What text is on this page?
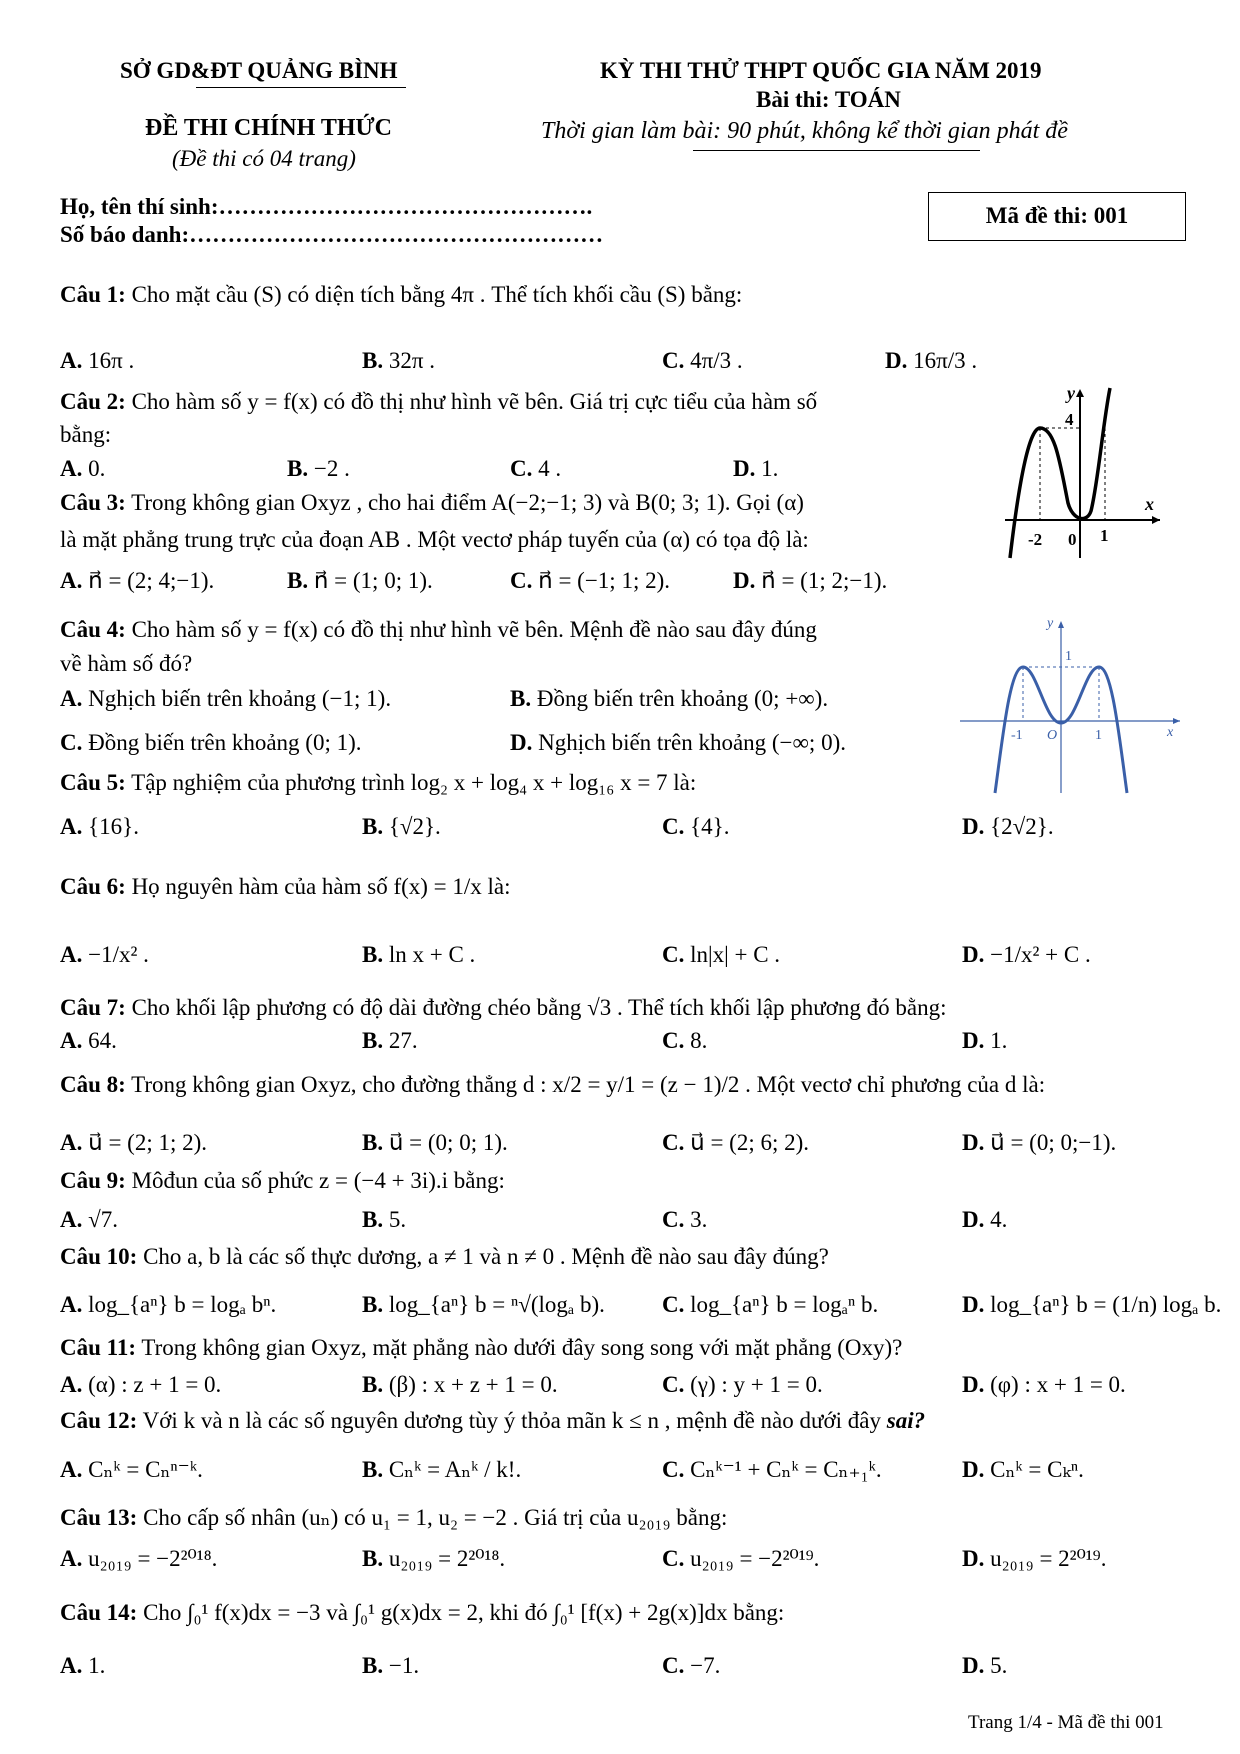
SỞ GD&ĐT QUẢNG BÌNH
ĐỀ THI CHÍNH THỨC
(Đề thi có 04 trang)
KỲ THI THỬ THPT QUỐC GIA NĂM 2019
Bài thi: TOÁN
Thời gian làm bài: 90 phút, không kể thời gian phát đề
Họ, tên thí sinh:………………………………………….
Số báo danh:………………………………………………
Mã đề thi: 001
Câu 1: Cho mặt cầu (S) có diện tích bằng 4π . Thể tích khối cầu (S) bằng:
A. 16π .	B. 32π .	C. 4π/3 .	D. 16π/3 .
Câu 2: Cho hàm số y = f(x) có đồ thị như hình vẽ bên. Giá trị cực tiểu của hàm số
bằng:
A. 0.	B. −2 .	C. 4 .	D. 1.
Câu 3: Trong không gian Oxyz , cho hai điểm A(−2;−1; 3) và B(0; 3; 1). Gọi (α)
là mặt phẳng trung trực của đoạn AB . Một vectơ pháp tuyến của (α) có tọa độ là:
A. n⃗ = (2; 4;−1).	B. n⃗ = (1; 0; 1).	C. n⃗ = (−1; 1; 2).	D. n⃗ = (1; 2;−1).
Câu 4: Cho hàm số y = f(x) có đồ thị như hình vẽ bên. Mệnh đề nào sau đây đúng
về hàm số đó?
A. Nghịch biến trên khoảng (−1; 1).	B. Đồng biến trên khoảng (0; +∞).
C. Đồng biến trên khoảng (0; 1).	D. Nghịch biến trên khoảng (−∞; 0).
Câu 5: Tập nghiệm của phương trình log₂ x + log₄ x + log₁₆ x = 7 là:
A. {16}.	B. {√2}.	C. {4}.	D. {2√2}.
Câu 6: Họ nguyên hàm của hàm số f(x) = 1/x là:
A. −1/x² .	B. ln x + C .	C. ln|x| + C .	D. −1/x² + C .
Câu 7: Cho khối lập phương có độ dài đường chéo bằng √3 . Thể tích khối lập phương đó bằng:
A. 64.	B. 27.	C. 8.	D. 1.
Câu 8: Trong không gian Oxyz, cho đường thẳng d : x/2 = y/1 = (z − 1)/2 . Một vectơ chỉ phương của d là:
A. u⃗ = (2; 1; 2).	B. u⃗ = (0; 0; 1).	C. u⃗ = (2; 6; 2).	D. u⃗ = (0; 0;−1).
Câu 9: Môđun của số phức z = (−4 + 3i).i bằng:
A. √7.	B. 5.	C. 3.	D. 4.
Câu 10: Cho a, b là các số thực dương, a ≠ 1 và n ≠ 0 . Mệnh đề nào sau đây đúng?
A. log_{aⁿ} b = logₐ bⁿ.	B. log_{aⁿ} b = ⁿ√(logₐ b). C. log_{aⁿ} b = logₐⁿ b.	D. log_{aⁿ} b = (1/n) logₐ b.
Câu 11: Trong không gian Oxyz, mặt phẳng nào dưới đây song song với mặt phẳng (Oxy)?
A. (α) : z + 1 = 0.	B. (β) : x + z + 1 = 0.	C. (γ) : y + 1 = 0.	D. (φ) : x + 1 = 0.
Câu 12: Với k và n là các số nguyên dương tùy ý thỏa mãn k ≤ n , mệnh đề nào dưới đây sai?
A. Cₙᵏ = Cₙⁿ⁻ᵏ.	B. Cₙᵏ = Aₙᵏ / k!.	C. Cₙᵏ⁻¹ + Cₙᵏ = Cₙ₊₁ᵏ.	D. Cₙᵏ = Cₖⁿ.
Câu 13: Cho cấp số nhân (uₙ) có u₁ = 1, u₂ = −2 . Giá trị của u₂₀₁₉ bằng:
A. u₂₀₁₉ = −2²⁰¹⁸.	B. u₂₀₁₉ = 2²⁰¹⁸.	C. u₂₀₁₉ = −2²⁰¹⁹.	D. u₂₀₁₉ = 2²⁰¹⁹.
Câu 14: Cho ∫₀¹ f(x)dx = −3 và ∫₀¹ g(x)dx = 2, khi đó ∫₀¹ [f(x) + 2g(x)]dx bằng:
A. 1.	B. −1.	C. −7.	D. 5.
y
x
4
-2 0 1
y
x
1
-1 O	1
Trang 1/4 - Mã đề thi 001
